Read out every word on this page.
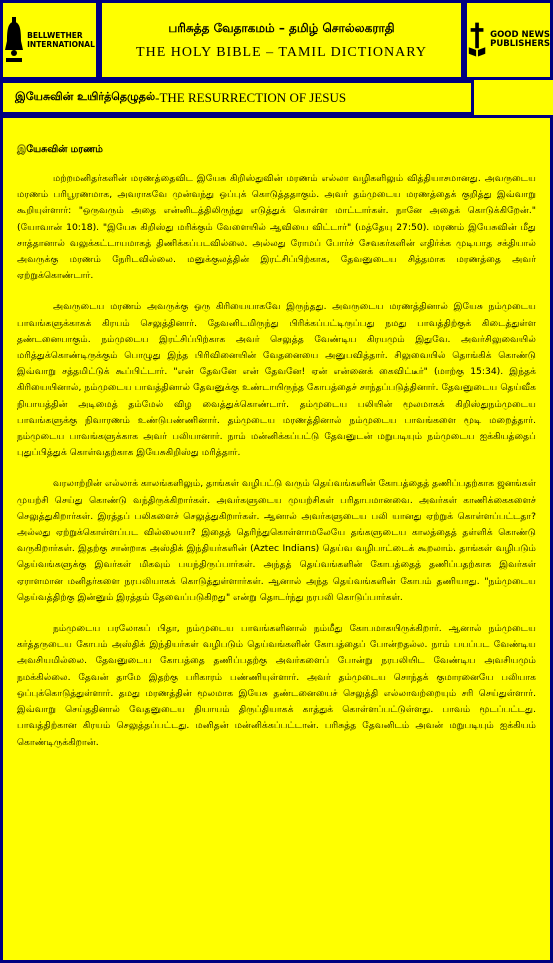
BELLWETHER
INTERNATIONAL
பரிசுத்த வேதாகமம் – தமிழ் சொல்லகராதி
THE HOLY BIBLE – TAMIL DICTIONARY
GOOD NEWS
PUBLISHERS
இயேசுவின் உயிர்த்தெழுதல் - THE RESURRECTION OF JESUS
இயேசுவின் மரணம்

மற்றமனிதர்களின் மரணத்தைவிட இயேசு கிறிஸ்துவின் மரணம் எல்லா வழிகளிலும் வித்தியாசமானது. அவருடைய மரணம் பரிபூரணமாக, அவராகவே முன்வந்து ஒப்புக் கொடுத்ததாகும். அவர் தம்முடைய மரணத்தைக் குறித்து இவ்வாறு கூறியுள்ளார்: "ஒருவரும் அதை என்னிடத்திலிருந்து எடுத்துக் கொள்ள மாட்டார்கள். நானே அதைக் கொடுக்கிறேன்." (யோவான் 10:18). "இயேசு கிறிஸ்து மரிக்கும் வேளையில் ஆவியை விட்டார்" (மத்தேயு 27:50). மரணம் இயேசுவின் மீது சாத்தானால் வலுக்கட்டாயமாகத் திணிக்கப்படவில்லை. அல்லது ரோமப் போர்ச் சேவகர்களின் எதிர்க்க முடியாத சக்தியால் அவருக்கு மரணம் நேரிடவில்லை. மனுக்குலத்தின் இரட்சிப்பிற்காக, தேவனுடைய சித்தமாக மரணத்தை அவர் ஏற்றுக்கொண்டார்.

அவருடைய மரணம் அவருக்கு ஒரு கிரியையாகவே இருந்தது. அவருடைய மரணத்தினால் இயேசு நம்முடைய பாவங்களுக்காகக் கிரயம் செலுத்தினார். தேவனிடமிருந்து பிரிக்கப்பட்டிருப்பது நமது பாவத்திற்குக் கிடைத்துள்ள தண்டனையாகும். நம்முடைய இரட்சிப்பிற்காக அவர் செலுத்த வேண்டிய கிரயமும் இதுவே. அவர்சிலுவையில் மரித்துக்கொண்டிருக்கும் பொழுது இந்த பிரிவினையின் வேதனையை அனுபவித்தார். சிலுவையில் தொங்கிக் கொண்டு இவ்வாறு சத்தமிட்டுக் கூப்பிட்டார். "என் தேவனே என் தேவனே! ஏன் என்னைக் கைவிட்டீர்" (மாற்கு 15:34). இந்தக் கிரியையினால், நம்முடைய பாவத்தினால் தேவனுக்கு உண்டாயிருந்த கோபத்தைச் சாந்தப்படுத்தினார். தேவனுடைய தெய்வீக நியாயத்தின் அடிமைத் தம்மேல் விழ வைத்துக்கொண்டார். தம்முடைய பலியின் மூலமாகக் கிறிஸ்துநம்முடைய பாவங்களுக்கு நிவாரணம் உண்டுபண்ணினார். தம்முடைய மரணத்தினால் நம்முடைய பாவங்களை மூடி மறைத்தார். நம்முடைய பாவங்களுக்காக அவர் பலியானார். நாம் மன்னிக்கப்பட்டு தேவனுடன் மறுபடியும் நம்முடைய ஐக்கியத்தைப் புதுப்பித்துக் கொள்வதற்காக இயேசுகிறிஸ்து மரித்தார்.

வரலாற்றின் எல்லாக் காலங்களிலும், தாங்கள் வழிபட்டு வரும் தெய்வங்களின் கோபத்தைத் தணிப்பதற்காக ஜனங்கள் முயற்சி செய்து கொண்டு வந்திருக்கிறார்கள். அவர்களுடைய முயற்சிகள் பரிதாபமானவை. அவர்கள் காணிக்கைகளைச் செலுத்துகிறார்கள். இரத்தப் பலிகளைச் செலுத்துகிறார்கள். ஆனால் அவர்களுடைய பலி யானது ஏற்றுக் கொள்ளப்பட்டதா? அல்லது ஏற்றுக்கொள்ளப்பட வில்லையா? இதைத் தெரிந்துகொள்ளாமலேயே தங்களுடைய காலத்தைத் தள்ளிக் கொண்டு வருகிறார்கள். இதற்கு சான்றாக அஸ்திக் இந்தியர்களின் (Aztec Indians) தெய்வ வழிபாட்டைக் கூறலாம். தாங்கள் வழிபடும் தெய்வங்களுக்கு இவர்கள் மிகவும் பயந்திருப்பார்கள். அந்தத் தெய்வங்களின் கோபத்தைத் தணிப்பதற்காக இவர்கள் ஏராளமான மனிதர்களை நரபலியாகக் கொடுத்துள்ளார்கள். ஆனால் அந்த தெய்வங்களின் கோபம் தணியாது. "நம்முடைய தெய்வத்திற்கு இன்னும் இரத்தம் தேவைப்படுகிறது" என்று தொடர்ந்து நரபலி கொடுப்பார்கள்.

நம்முடைய பரலோகப் பிதா, நம்முடைய பாவங்களினால் நம்மீது கோபமாகயிருக்கிறார். ஆனால் நம்முடைய கர்த்தருடைய கோபம் அஸ்திக் இந்தியர்கள் வழிபடும் தெய்வங்களின் கோபத்தைப் போன்றதல்ல. நாம் பயப்பட வேண்டிய அவசியமில்லை. தேவனுடைய கோபத்தை தணிப்பதற்கு அவர்களைப் போன்று நரபலியிட வேண்டிய அவசியமும் நமக்கில்லை. தேவன் தாமே இதற்கு பரிகாரம் பண்ணியுள்ளார். அவர் தம்முடைய சொந்தக் குமாரனையே பலியாக ஒப்புக்கொடுத்துள்ளார். தமது மரணத்தின் மூலமாக இயேசு தண்டனையைச் செலுத்தி எல்லாவற்றையும் சரி செய்துள்ளார். இவ்வாறு செய்ததினால் வேதனுடைய நியாயம் திருப்தியாகக் காத்துக் கொள்ளப்பட்டுள்ளது. பாவம் மூடப்பட்டது. பாவத்திற்கான கிரயம் செலுத்தப்பட்டது. மனிதன் மன்னிக்கப்பட்டான். பரிசுத்த தேவனிடம் அவன் மறுபடியும் ஐக்கியம் கொண்டிருக்கிறான்.
